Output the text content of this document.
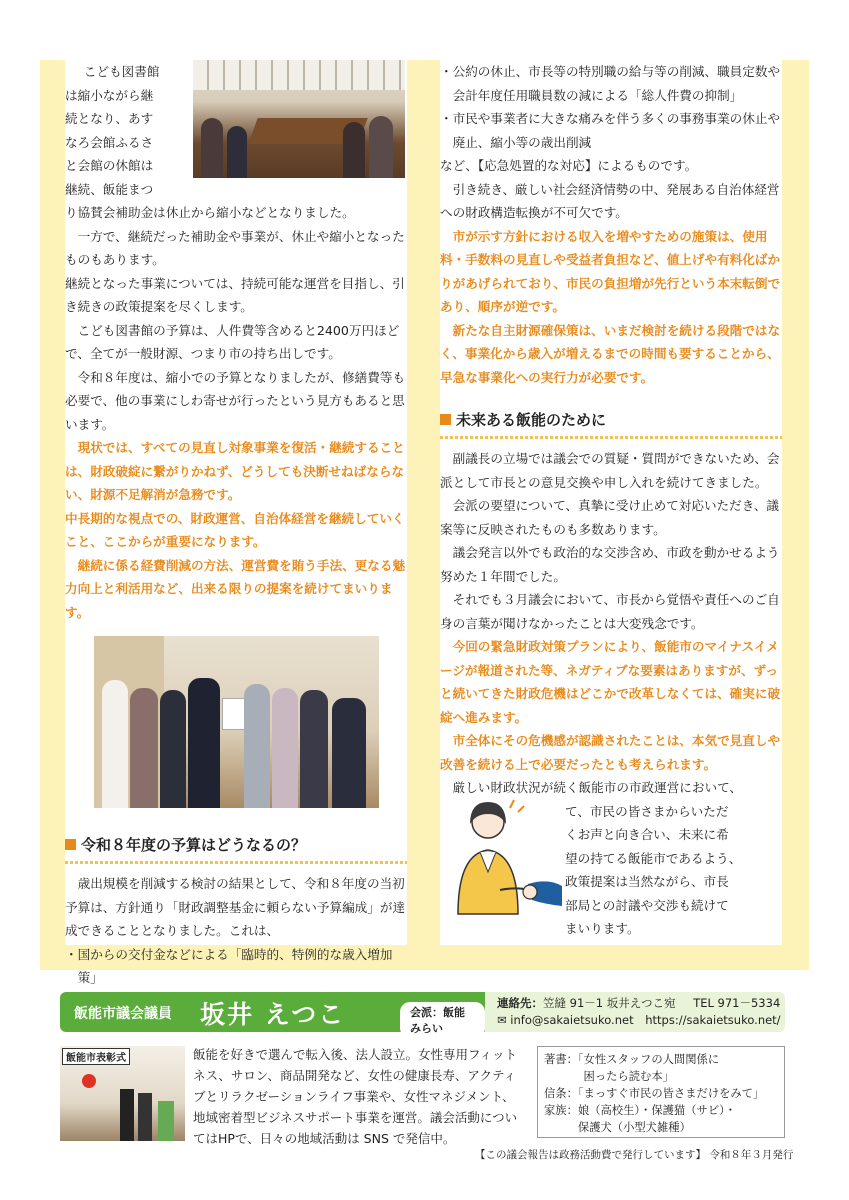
こども図書館

は縮小ながら継

続となり、あす

なろ会館ふるさ

と会館の休館は

継続、飯能まつ

り協賛会補助金は休止から縮小などとなりました。

一方で、継続だった補助金や事業が、休止や縮小となったものもあります。

継続となった事業については、持続可能な運営を目指し、引き続きの政策提案を尽くします。

こども図書館の予算は、人件費等含めると2400万円ほどで、全てが一般財源、つまり市の持ち出しです。

令和８年度は、縮小での予算となりましたが、修繕費等も必要で、他の事業にしわ寄せが行ったという見方もあると思います。

現状では、すべての見直し対象事業を復活・継続することは、財政破綻に繋がりかねず、どうしても決断せねばならない、財源不足解消が急務です。

中長期的な視点での、財政運営、自治体経営を継続していくこと、ここからが重要になります。

継続に係る経費削減の方法、運営費を賄う手法、更なる魅力向上と利活用など、出来る限りの提案を続けてまいります。

令和８年度の予算はどうなるの？

歳出規模を削減する検討の結果として、令和８年度の当初予算は、方針通り「財政調整基金に頼らない予算編成」が達成できることとなりました。これは、

・国からの交付金などによる「臨時的、特例的な歳入増加策」

・公約の休止、市長等の特別職の給与等の削減、職員定数や会計年度任用職員数の減による「総人件費の抑制」

・市民や事業者に大きな痛みを伴う多くの事務事業の休止や廃止、縮小等の歳出削減

など、【応急処置的な対応】によるものです。

引き続き、厳しい社会経済情勢の中、発展ある自治体経営への財政構造転換が不可欠です。

市が示す方針における収入を増やすための施策は、使用料・手数料の見直しや受益者負担など、値上げや有料化ばかりがあげられており、市民の負担増が先行という本末転倒であり、順序が逆です。

新たな自主財源確保策は、いまだ検討を続ける段階ではなく、事業化から歳入が増えるまでの時間も要することから、早急な事業化への実行力が必要です。

未来ある飯能のために

副議長の立場では議会での質疑・質問ができないため、会派として市長との意見交換や申し入れを続けてきました。

会派の要望について、真摯に受け止めて対応いただき、議案等に反映されたものも多数あります。

議会発言以外でも政治的な交渉含め、市政を動かせるよう努めた１年間でした。

それでも３月議会において、市長から覚悟や責任へのご自身の言葉が聞けなかったことは大変残念です。

今回の緊急財政対策プランにより、飯能市のマイナスイメージが報道された等、ネガティブな要素はありますが、ずっと続いてきた財政危機はどこかで改革しなくては、確実に破綻へ進みます。

市全体にその危機感が認識されたことは、本気で見直しや改善を続ける上で必要だったとも考えられます。

厳しい財政状況が続く飯能市の市政運営において、

て、市民の皆さまからいただ

くお声と向き合い、未来に希

望の持てる飯能市であるよう、

政策提案は当然ながら、市長

部局との討議や交渉も続けて

まいります。

飯能市議会議員 坂井 えつこ	会派：飯能みらい
連絡先：笠縫 91－1 坂井えつこ宛 TEL 971－5334
✉ info@sakaietsuko.net https://sakaietsuko.net/
飯能市表彰式	飯能を好きで選んで転入後、法人設立。女性専用フィットネス、サロン、商品開発など、女性の健康長寿、アクティブとリラクゼーションライフ事業や、女性マネジメント、地域密着型ビジネスサポート事業を運営。議会活動についてはHPで、日々の地域活動は SNS で発信中。
著書：「女性スタッフの人間関係に
困ったら読む本」
信条：「まっすぐ市民の皆さまだけをみて」
家族：娘（高校生）・保護猫（サビ）・
保護犬（小型犬雑種）
【この議会報告は政務活動費で発行しています】 令和８年３月発行
